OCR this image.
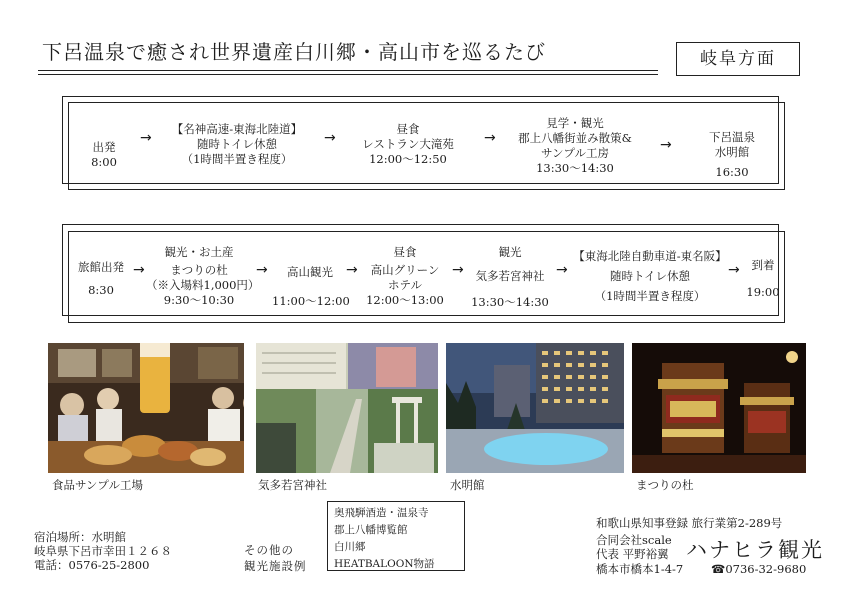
下呂温泉で癒され世界遺産白川郷・高山市を巡るたび	岐阜方面
出発
8:00
→
【名神高速-東海北陸道】
随時トイレ休憩
（1時間半置き程度）
→
昼食
レストラン大滝苑
12:00～12:50
→
見学・観光
郡上八幡街並み散策&
サンプル工房
13:30～14:30
→	下呂温泉
水明館
16:30
旅館出発
8:30
→
観光・お土産
まつりの杜
（※入場料1,000円）
9:30～10:30
→	高山観光
11:00～12:00
→
昼食
高山グリーン
ホテル
12:00～13:00
→
観光
気多若宮神社
13:30～14:30
→
【東海北陸自動車道-東名阪】
随時トイレ休憩
（1時間半置き程度）
→	到着
19:00
食品サンプル工場	気多若宮神社	水明館	まつりの杜
宿泊場所：水明館
岐阜県下呂市幸田１２６８
電話：0576-25-2800
その他の
観光施設例
奥飛騨酒造・温泉寺
郡上八幡博覧館
白川郷
HEATBALOON物語
和歌山県知事登録 旅行業第2-289号
合同会社scale
代表 平野裕翼 ハナヒラ観光
橋本市橋本1-4-7 ☎0736-32-9680
